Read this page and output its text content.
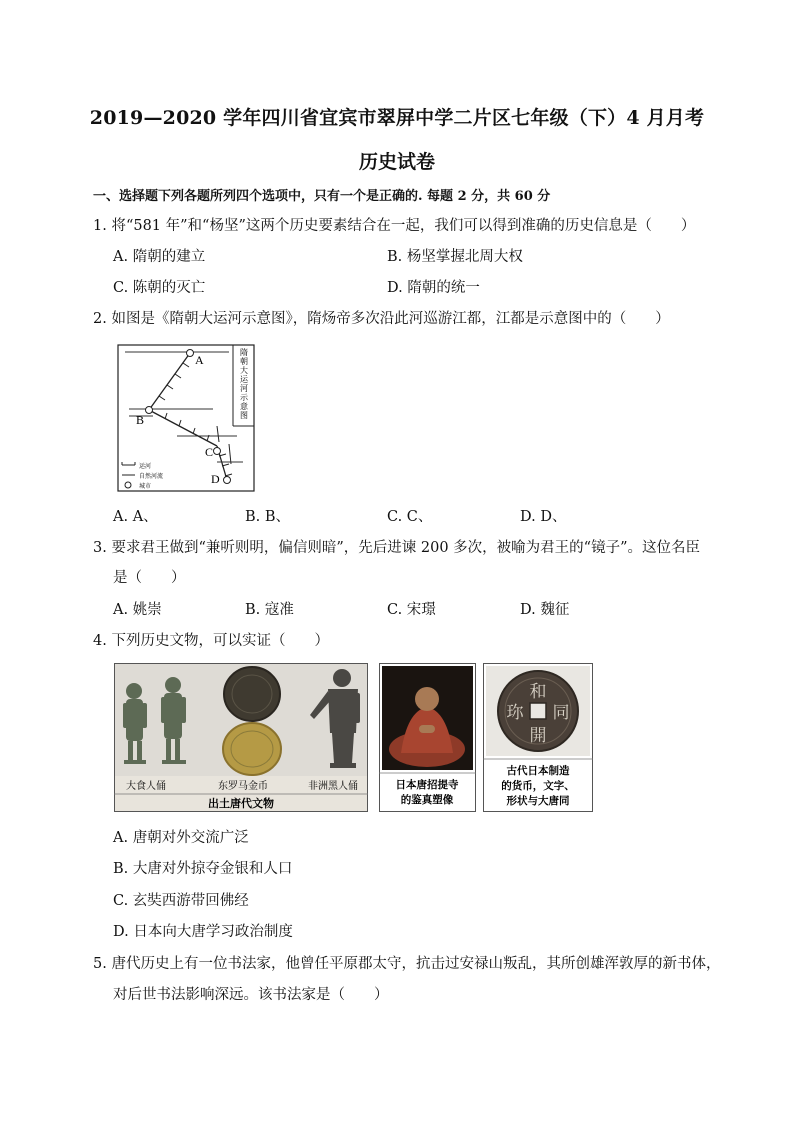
2019—2020 学年四川省宜宾市翠屏中学二片区七年级（下）4 月月考
历史试卷
一、选择题下列各题所列四个选项中，只有一个是正确的. 每题 2 分，共 60 分
1. 将“581 年”和“杨坚”这两个历史要素结合在一起，我们可以得到准确的历史信息是（　　）
A. 隋朝的建立	B. 杨坚掌握北周大权
C. 陈朝的灭亡	D. 隋朝的统一
2. 如图是《隋朝大运河示意图》，隋炀帝多次沿此河巡游江都，江都是示意图中的（　　）
A
B
C
D
隋
朝
大
运
河
示
意
图
运河
自然河流
城市
A. A、	B. B、	C. C、	D. D、
3. 要求君王做到“兼听则明，偏信则暗”，先后进谏 200 多次，被喻为君王的“镜子”。这位名臣
是（　　）
A. 姚崇	B. 寇准	C. 宋璟	D. 魏征
4. 下列历史文物，可以实证（　　）
大食人俑	东罗马金币	非洲黑人俑
出土唐代文物
日本唐招提寺
的鉴真塑像
和
同
開
珎
古代日本制造
的货币，文字、
形状与大唐同
A. 唐朝对外交流广泛
B. 大唐对外掠夺金银和人口
C. 玄奘西游带回佛经
D. 日本向大唐学习政治制度
5. 唐代历史上有一位书法家，他曾任平原郡太守，抗击过安禄山叛乱，其所创雄浑敦厚的新书体，
对后世书法影响深远。该书法家是（　　）
